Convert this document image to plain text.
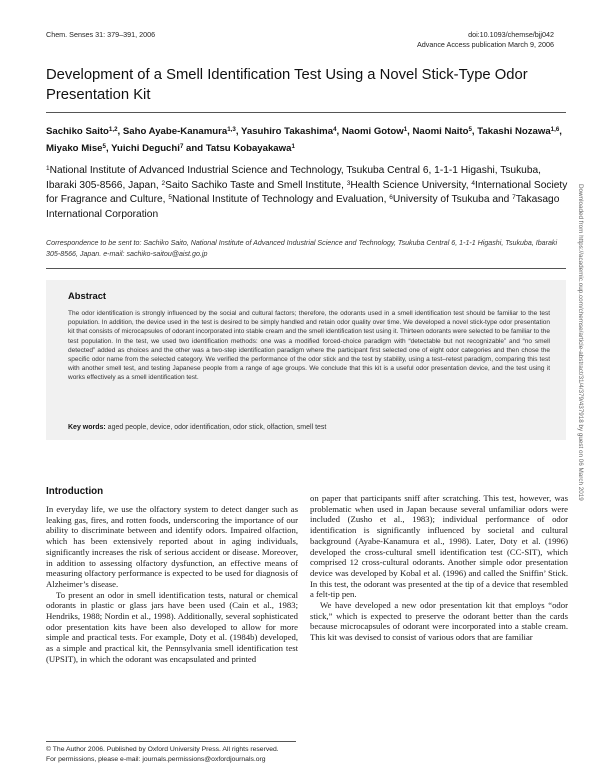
Chem. Senses 31: 379–391, 2006	doi:10.1093/chemse/bjj042
Advance Access publication March 9, 2006
Development of a Smell Identification Test Using a Novel Stick-Type Odor Presentation Kit
Sachiko Saito$^{1,2}$, Saho Ayabe-Kanamura$^{1,3}$, Yasuhiro Takashima$^4$, Naomi Gotow$^1$, Naomi Naito$^5$, Takashi Nozawa$^{1,6}$, Miyako Mise$^5$, Yuichi Deguchi$^7$ and Tatsu Kobayakawa$^1$
$^1$National Institute of Advanced Industrial Science and Technology, Tsukuba Central 6, 1-1-1 Higashi, Tsukuba, Ibaraki 305-8566, Japan, $^2$Saito Sachiko Taste and Smell Institute, $^3$Health Science University, $^4$International Society for Fragrance and Culture, $^5$National Institute of Technology and Evaluation, $^6$University of Tsukuba and $^7$Takasago International Corporation
Correspondence to be sent to: Sachiko Saito, National Institute of Advanced Industrial Science and Technology, Tsukuba Central 6, 1-1-1 Higashi, Tsukuba, Ibaraki 305-8566, Japan. e-mail: sachiko-saitou@aist.go.jp
Abstract
The odor identification is strongly influenced by the social and cultural factors; therefore, the odorants used in a smell identification test should be familiar to the test population. In addition, the device used in the test is desired to be simply handled and retain odor quality over time. We developed a novel stick-type odor presentation kit that consists of microcapsules of odorant incorporated into stable cream and the smell identification test using it. Thirteen odorants were selected to be familiar to the test population. In the test, we used two identification methods: one was a modified forced-choice paradigm with “detectable but not recognizable” and “no smell detected” added as choices and the other was a two-step identification paradigm where the participant first selected one of eight odor categories and then chose the specific odor name from the selected category. We verified the performance of the odor stick and the test by stability, using a test–retest paradigm, comparing this test with another smell test, and testing Japanese people from a range of age groups. We conclude that this kit is a useful odor presentation device, and the test using it works effectively as a smell identification test.
Key words: aged people, device, odor identification, odor stick, olfaction, smell test
Introduction

In everyday life, we use the olfactory system to detect danger such as leaking gas, fires, and rotten foods, underscoring the importance of our ability to discriminate between and identify odors. Impaired olfaction, which has been extensively reported about in aging individuals, significantly increases the risk of serious accident or disease. Moreover, in addition to assessing olfactory dysfunction, an effective means of measuring olfactory performance is expected to be used for diagnosis of Alzheimer’s disease.

To present an odor in smell identification tests, natural or chemical odorants in plastic or glass jars have been used (Cain et al., 1983; Hendriks, 1988; Nordin et al., 1998). Additionally, several sophisticated odor presentation kits have been also developed to allow for more simple and practical tests. For example, Doty et al. (1984b) developed, as a simple and practical kit, the Pennsylvania smell identification test (UPSIT), in which the odorant was encapsulated and printed

on paper that participants sniff after scratching. This test, however, was problematic when used in Japan because several unfamiliar odors were included (Zusho et al., 1983); individual performance of odor identification is significantly influenced by societal and cultural background (Ayabe-Kanamura et al., 1998). Later, Doty et al. (1996) developed the cross-cultural smell identification test (CC-SIT), which comprised 12 cross-cultural odorants. Another simple odor presentation device was developed by Kobal et al. (1996) and called the Sniffin’ Stick. In this test, the odorant was presented at the tip of a device that resembled a felt-tip pen.

We have developed a new odor presentation kit that employs “odor stick,” which is expected to preserve the odorant better than the cards because microcapsules of odorant were incorporated into a stable cream. This kit was devised to consist of various odors that are familiar

© The Author 2006. Published by Oxford University Press. All rights reserved.
For permissions, please e-mail: journals.permissions@oxfordjournals.org
Downloaded from https://academic.oup.com/chemse/article-abstract/31/4/379/437918 by guest on 06 March 2019
